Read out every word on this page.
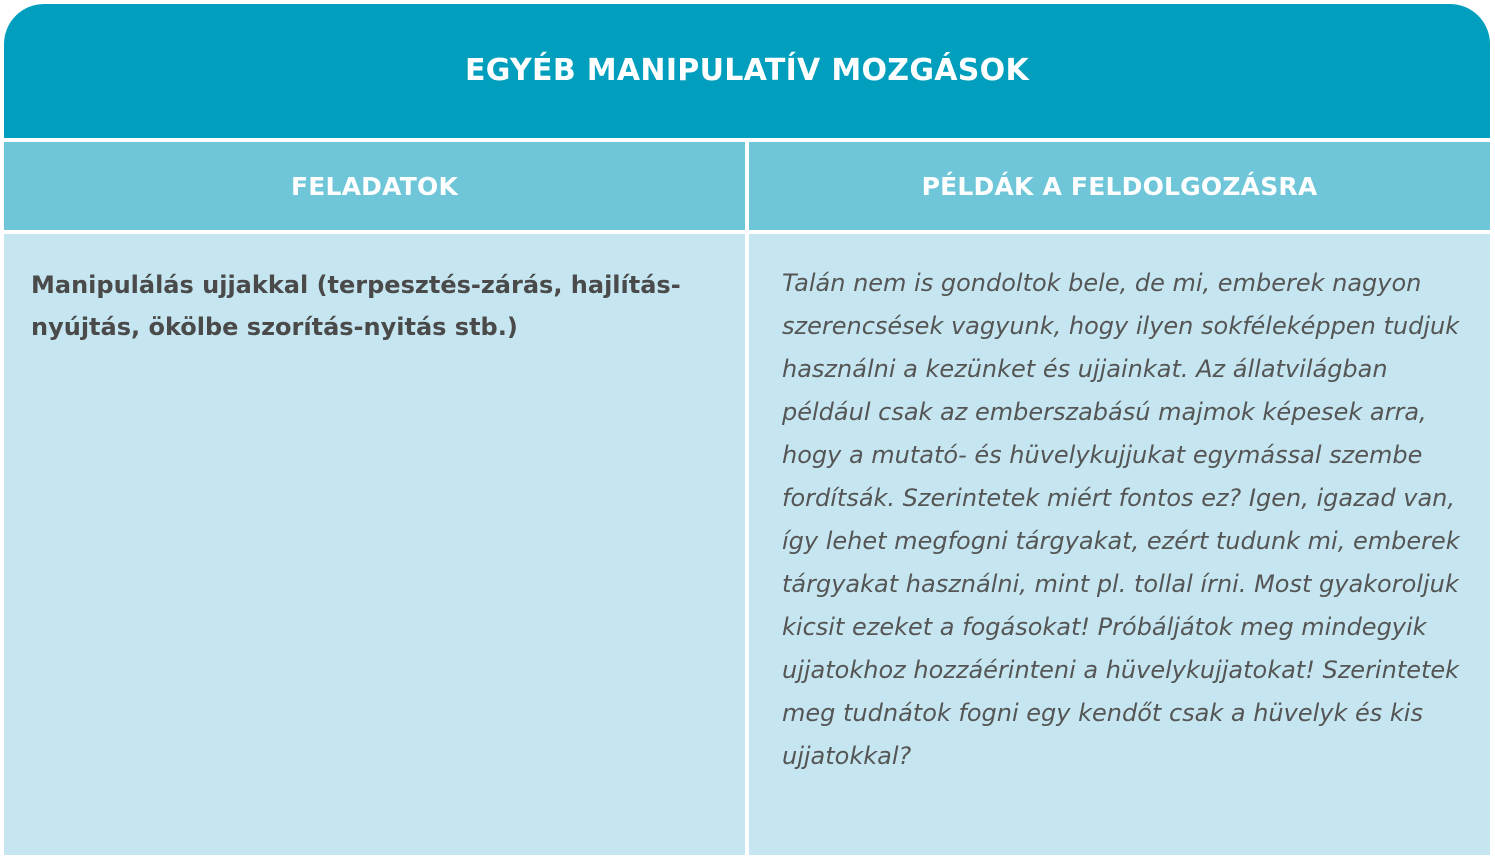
EGYÉB MANIPULATÍV MOZGÁSOK
FELADATOK	PÉLDÁK A FELDOLGOZÁSRA

Manipulálás ujjakkal (terpesztés-zárás, hajlítás-nyújtás, ökölbe szorítás-nyitás stb.)

Talán nem is gondoltok bele, de mi, emberek nagyon szerencsések vagyunk, hogy ilyen sokféleképpen tudjuk használni a kezünket és ujjainkat. Az állatvilágban például csak az emberszabású majmok képesek arra, hogy a mutató- és hüvelykujjukat egymással szembe fordítsák. Szerintetek miért fontos ez? Igen, igazad van, így lehet megfogni tárgyakat, ezért tudunk mi, emberek tárgyakat használni, mint pl. tollal írni. Most gyakoroljuk kicsit ezeket a fogásokat! Próbáljátok meg mindegyik ujjatokhoz hozzáérinteni a hüvelykujjatokat! Szerintetek meg tudnátok fogni egy kendőt csak a hüvelyk és kis ujjatokkal?
